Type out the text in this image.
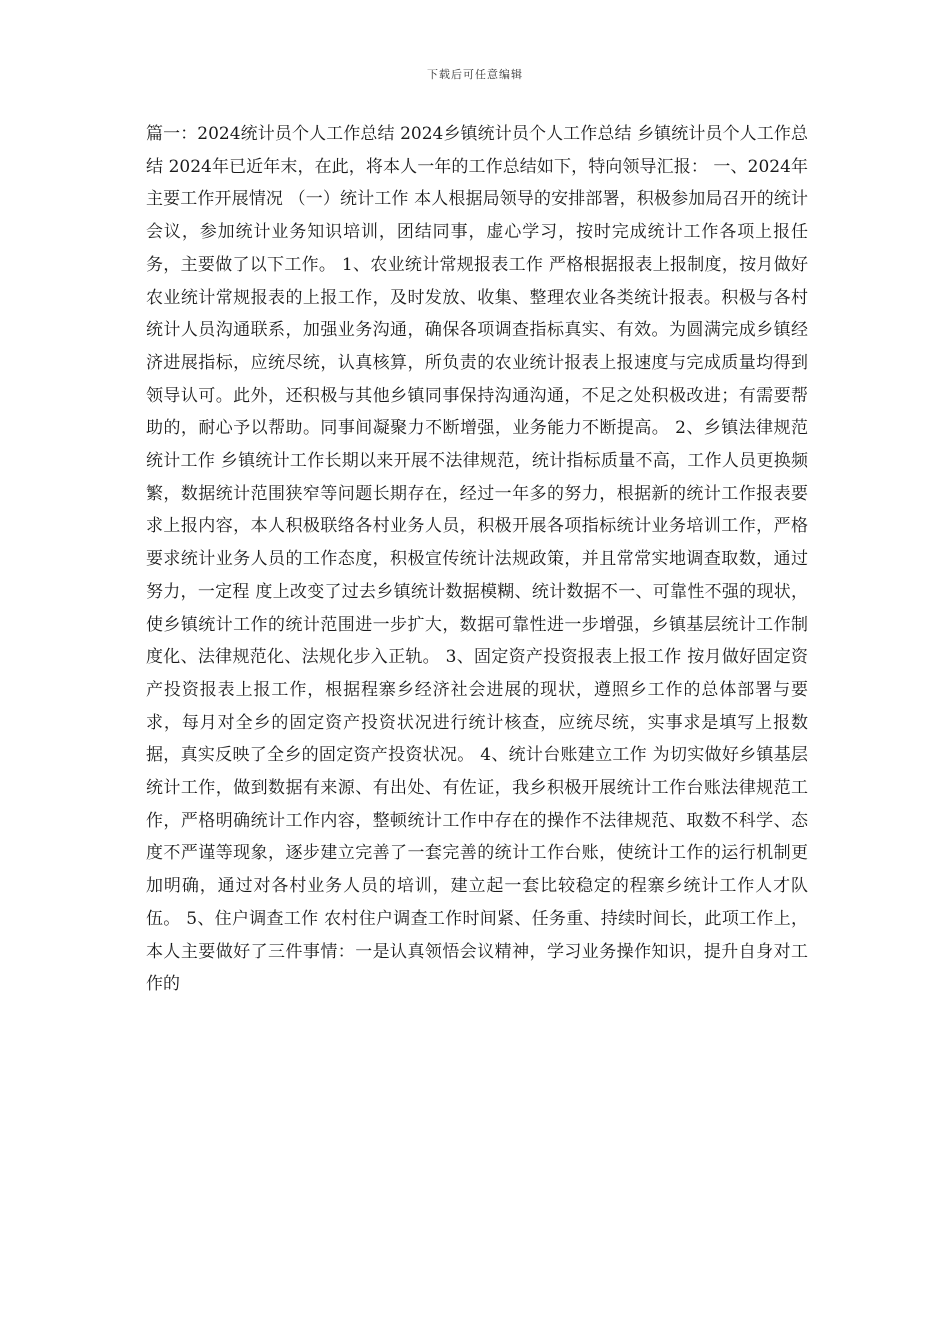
下载后可任意编辑

篇一：2024统计员个人工作总结 2024乡镇统计员个人工作总结 乡镇统计员个人工作总结 2024年已近年末，在此，将本人一年的工作总结如下，特向领导汇报： 一、2024年主要工作开展情况 （一）统计工作 本人根据局领导的安排部署，积极参加局召开的统计会议，参加统计业务知识培训，团结同事，虚心学习，按时完成统计工作各项上报任务，主要做了以下工作。 1、农业统计常规报表工作 严格根据报表上报制度，按月做好农业统计常规报表的上报工作，及时发放、收集、整理农业各类统计报表。积极与各村统计人员沟通联系，加强业务沟通，确保各项调查指标真实、有效。为圆满完成乡镇经济进展指标，应统尽统，认真核算，所负责的农业统计报表上报速度与完成质量均得到领导认可。此外，还积极与其他乡镇同事保持沟通沟通，不足之处积极改进；有需要帮助的，耐心予以帮助。同事间凝聚力不断增强，业务能力不断提高。 2、乡镇法律规范统计工作 乡镇统计工作长期以来开展不法律规范，统计指标质量不高，工作人员更换频繁，数据统计范围狭窄等问题长期存在，经过一年多的努力，根据新的统计工作报表要求上报内容，本人积极联络各村业务人员，积极开展各项指标统计业务培训工作，严格要求统计业务人员的工作态度，积极宣传统计法规政策，并且常常实地调查取数，通过努力，一定程 度上改变了过去乡镇统计数据模糊、统计数据不一、可靠性不强的现状，使乡镇统计工作的统计范围进一步扩大，数据可靠性进一步增强，乡镇基层统计工作制度化、法律规范化、法规化步入正轨。 3、固定资产投资报表上报工作 按月做好固定资产投资报表上报工作，根据程寨乡经济社会进展的现状，遵照乡工作的总体部署与要求，每月对全乡的固定资产投资状况进行统计核查，应统尽统，实事求是填写上报数据，真实反映了全乡的固定资产投资状况。 4、统计台账建立工作 为切实做好乡镇基层统计工作，做到数据有来源、有出处、有佐证，我乡积极开展统计工作台账法律规范工作，严格明确统计工作内容，整顿统计工作中存在的操作不法律规范、取数不科学、态度不严谨等现象，逐步建立完善了一套完善的统计工作台账，使统计工作的运行机制更加明确，通过对各村业务人员的培训，建立起一套比较稳定的程寨乡统计工作人才队伍。 5、住户调查工作 农村住户调查工作时间紧、任务重、持续时间长，此项工作上，本人主要做好了三件事情：一是认真领悟会议精神，学习业务操作知识，提升自身对工作的
